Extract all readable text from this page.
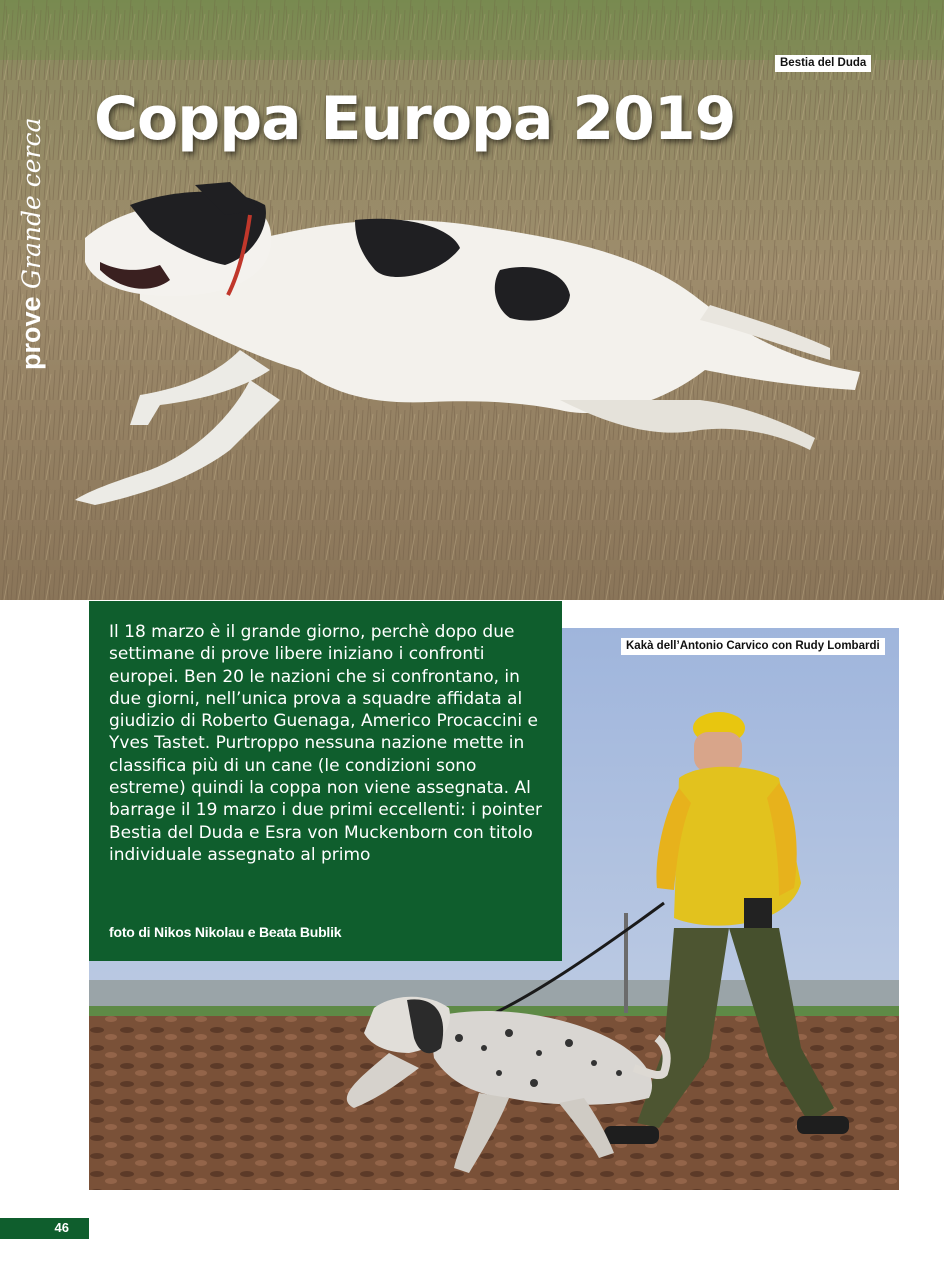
prove Grande cerca Coppa Europa 2019
Bestia del Duda
Kakà dell’Antonio Carvico con Rudy Lombardi

Il 18 marzo è il grande giorno, perchè dopo due settimane di prove libere iniziano i confronti europei. Ben 20 le nazioni che si confrontano, in due giorni, nell’unica prova a squadre affidata al giudizio di Roberto Guenaga, Americo Procaccini e Yves Tastet. Purtroppo nessuna nazione mette in classifica più di un cane (le condizioni sono estreme) quindi la coppa non viene assegnata. Al barrage il 19 marzo i due primi eccellenti: i pointer Bestia del Duda e Esra von Muckenborn con titolo individuale assegnato al primo

foto di Nikos Nikolau e Beata Bublik

46
